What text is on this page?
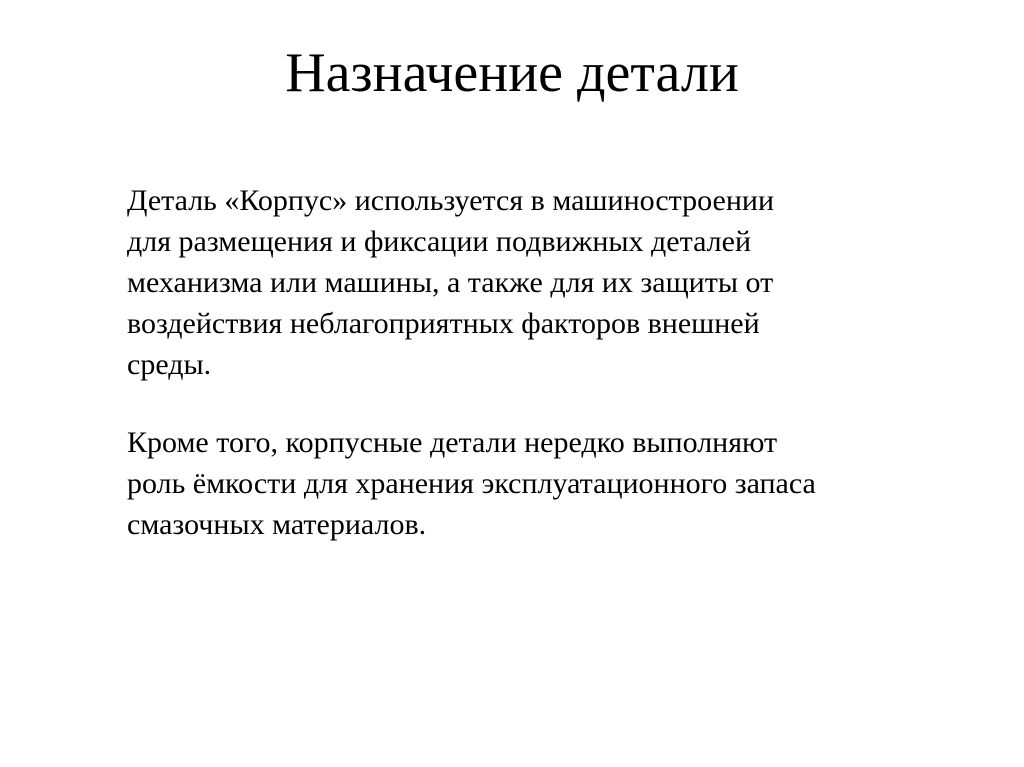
Назначение детали
Деталь «Корпус» используется в машиностроении
для размещения и фиксации подвижных деталей
механизма или машины, а также для их защиты от
воздействия неблагоприятных факторов внешней
среды.
Кроме того, корпусные детали нередко выполняют
роль ёмкости для хранения эксплуатационного запаса
смазочных материалов.
